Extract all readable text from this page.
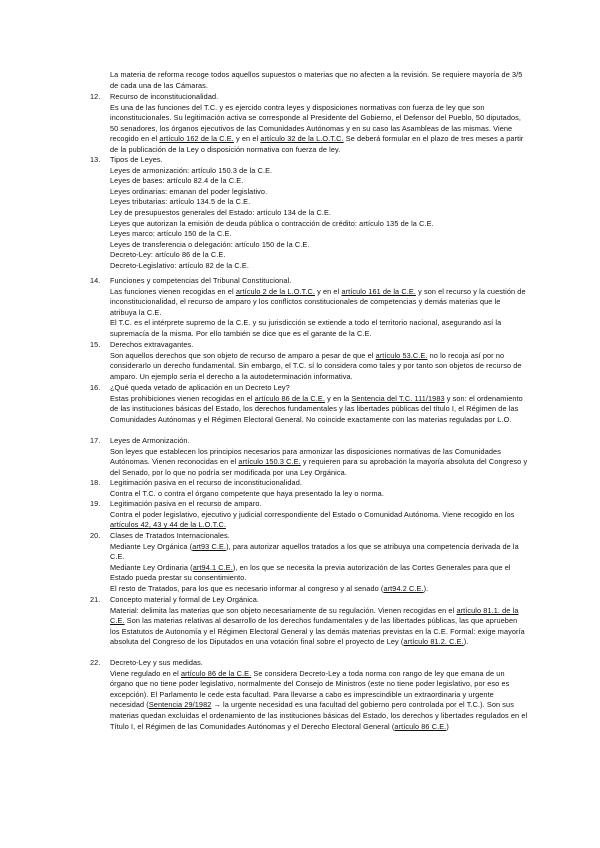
La materia de reforma recoge todos aquellos supuestos o materias que no afecten a la revisión. Se requiere mayoría de 3/5 de cada una de las Cámaras.

12.	Recurso de inconstitucionalidad.

Es una de las funciones del T.C. y es ejercido contra leyes y disposiciones normativas con fuerza de ley que son inconstitucionales. Su legitimación activa se corresponde al Presidente del Gobierno, el Defensor del Pueblo, 50 diputados, 50 senadores, los órganos ejecutivos de las Comunidades Autónomas y en su caso las Asambleas de las mismas. Viene recogido en el artículo 162 de la C.E. y en el artículo 32 de la L.O.T.C. Se deberá formular en el plazo de tres meses a partir de la publicación de la Ley o disposición normativa con fuerza de ley.

13.	Tipos de Leyes.

Leyes de armonización: artículo 150.3 de la C.E.

Leyes de bases: artículo 82.4 de la C.E.

Leyes ordinarias: emanan del poder legislativo.

Leyes tributarias: artículo 134.5 de la C.E.

Ley de presupuestos generales del Estado: artículo 134 de la C.E.

Leyes que autorizan la emisión de deuda pública o contracción de crédito: artículo 135 de la C.E.

Leyes marco: artículo 150 de la C.E.

Leyes de transferencia o delegación: artículo 150 de la C.E.

Decreto-Ley: artículo 86 de la C.E.

Decreto-Legislativo: artículo 82 de la C.E.

14.	Funciones y competencias del Tribunal Constitucional.

Las funciones vienen recogidas en el artículo 2 de la L.O.T.C. y en el artículo 161 de la C.E. y son el recurso y la cuestión de inconstitucionalidad, el recurso de amparo y los conflictos constitucionales de competencias y demás materias que le atribuya la C.E.

El T.C. es el intérprete supremo de la C.E. y su jurisdicción se extiende a todo el territorio nacional, asegurando así la supremacía de la misma. Por ello también se dice que es el garante de la C.E.

15.	Derechos extravagantes.

Son aquellos derechos que son objeto de recurso de amparo a pesar de que el artículo 53.C.E. no lo recoja así por no considerarlo un derecho fundamental. Sin embargo, el T.C. sí lo considera como tales y por tanto son objetos de recurso de amparo. Un ejemplo sería el derecho a la autodeterminación informativa.

16.	¿Qué queda vetado de aplicación en un Decreto Ley?

Estas prohibiciones vienen recogidas en el artículo 86 de la C.E. y en la Sentencia del T.C. 111/1983 y son: el ordenamiento de las instituciones básicas del Estado, los derechos fundamentales y las libertades públicas del título I, el Régimen de las Comunidades Autónomas y el Régimen Electoral General. No coincide exactamente con las materias reguladas por L.O.

17.	Leyes de Armonización.

Son leyes que establecen los principios necesarios para armonizar las disposiciones normativas de las Comunidades Autónomas. Vienen reconocidas en el artículo 150.3 C.E. y requieren para su aprobación la mayoría absoluta del Congreso y del Senado, por lo que no podría ser modificada por una Ley Orgánica.

18.	Legitimación pasiva en el recurso de inconstitucionalidad.

Contra el T.C. o contra el órgano competente que haya presentado la ley o norma.

19.	Legitimación pasiva en el recurso de amparo.

Contra el poder legislativo, ejecutivo y judicial correspondiente del Estado o Comunidad Autónoma. Viene recogido en los artículos 42, 43 y 44 de la L.O.T.C.

20.	Clases de Tratados Internacionales.

Mediante Ley Orgánica (art93 C.E.), para autorizar aquellos tratados a los que se atribuya una competencia derivada de la C.E.

Mediante Ley Ordinaria (art94.1 C.E.), en los que se necesita la previa autorización de las Cortes Generales para que el Estado pueda prestar su consentimiento.

El resto de Tratados, para los que es necesario informar al congreso y al senado (art94.2 C.E.).

21.	Concepto material y formal de Ley Orgánica.

Material: delimita las materias que son objeto necesariamente de su regulación. Vienen recogidas en el artículo 81.1. de la C.E. Son las materias relativas al desarrollo de los derechos fundamentales y de las libertades públicas, las que aprueben los Estatutos de Autonomía y el Régimen Electoral General y las demás materias previstas en la C.E. Formal: exige mayoría absoluta del Congreso de los Diputados en una votación final sobre el proyecto de Ley (artículo 81.2. C.E.).

22.	Decreto-Ley y sus medidas.

Viene regulado en el artículo 86 de la C.E. Se considera Decreto-Ley a toda norma con rango de ley que emana de un órgano que no tiene poder legislativo, normalmente del Consejo de Ministros (este no tiene poder legislativo, por eso es excepción). El Parlamento le cede esta facultad. Para llevarse a cabo es imprescindible un extraordinaria y urgente necesidad (Sentencia 29/1982 → la urgente necesidad es una facultad del gobierno pero controlada por el T.C.). Son sus materias quedan excluidas el ordenamiento de las instituciones básicas del Estado, los derechos y libertades regulados en el Título I, el Régimen de las Comunidades Autónomas y el Derecho Electoral General (artículo 86 C.E.)
